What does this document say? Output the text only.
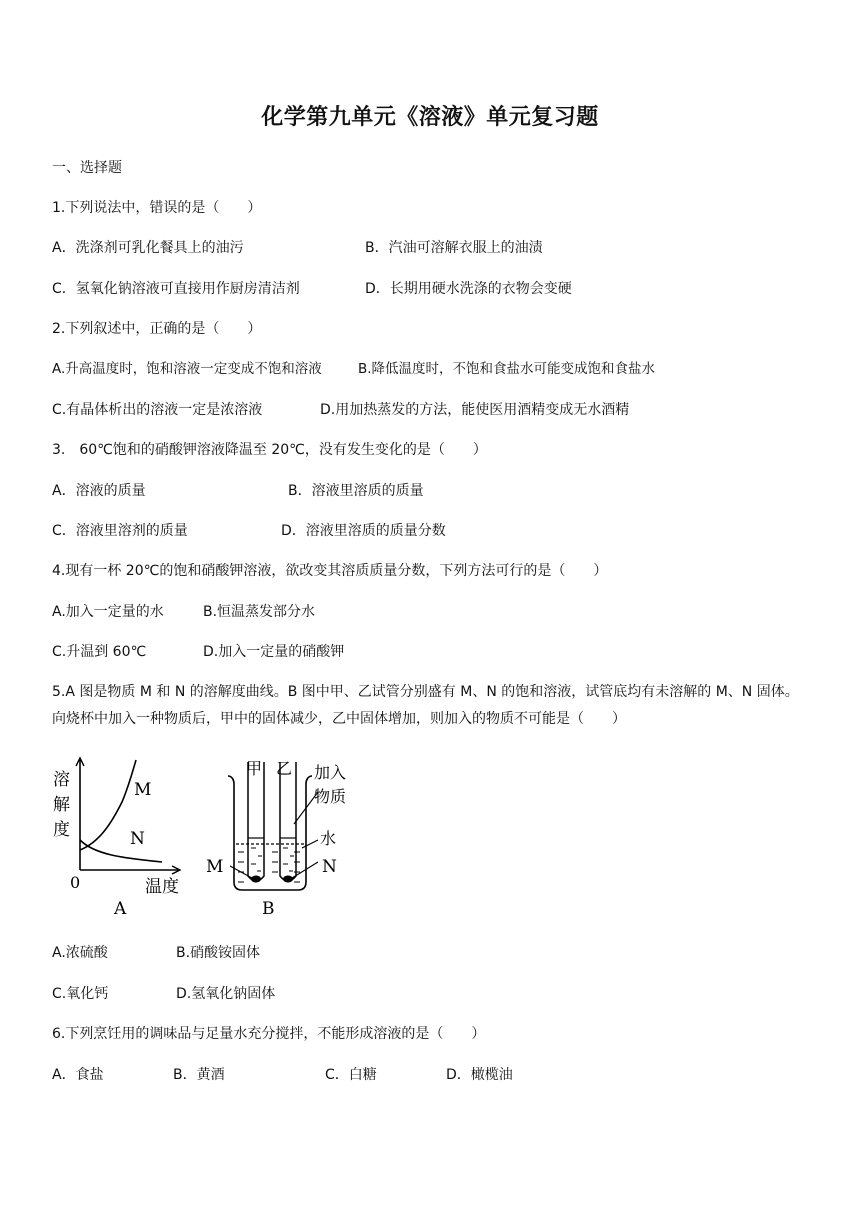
化学第九单元《溶液》单元复习题
一、选择题
1.下列说法中，错误的是（　　）
A．洗涤剂可乳化餐具上的油污	B．汽油可溶解衣服上的油渍
C．氢氧化钠溶液可直接用作厨房清洁剂	D．长期用硬水洗涤的衣物会变硬
2.下列叙述中，正确的是（　　）
A.升高温度时，饱和溶液一定变成不饱和溶液	B.降低温度时，不饱和食盐水可能变成饱和食盐水
C.有晶体析出的溶液一定是浓溶液	D.用加热蒸发的方法，能使医用酒精变成无水酒精
3.　60℃饱和的硝酸钾溶液降温至 20℃，没有发生变化的是（　　）
A．溶液的质量	B．溶液里溶质的质量
C．溶液里溶剂的质量	D．溶液里溶质的质量分数
4.现有一杯 20℃的饱和硝酸钾溶液，欲改变其溶质质量分数，下列方法可行的是（　　）
A.加入一定量的水	B.恒温蒸发部分水
C.升温到 60℃	D.加入一定量的硝酸钾
5.A 图是物质 M 和 N 的溶解度曲线。B 图中甲、乙试管分别盛有 M、N 的饱和溶液，试管底均有未溶解的 M、N 固体。向烧杯中加入一种物质后，甲中的固体减少，乙中固体增加，则加入的物质不可能是（　　）
溶
解
度
M
N
0	温度
A
甲 乙 加入
物质
水
M	N
B
A.浓硫酸	B.硝酸铵固体
C.氧化钙	D.氢氧化钠固体
6.下列烹饪用的调味品与足量水充分搅拌，不能形成溶液的是（　　）
A．食盐	B．黄酒	C．白糖	D．橄榄油
